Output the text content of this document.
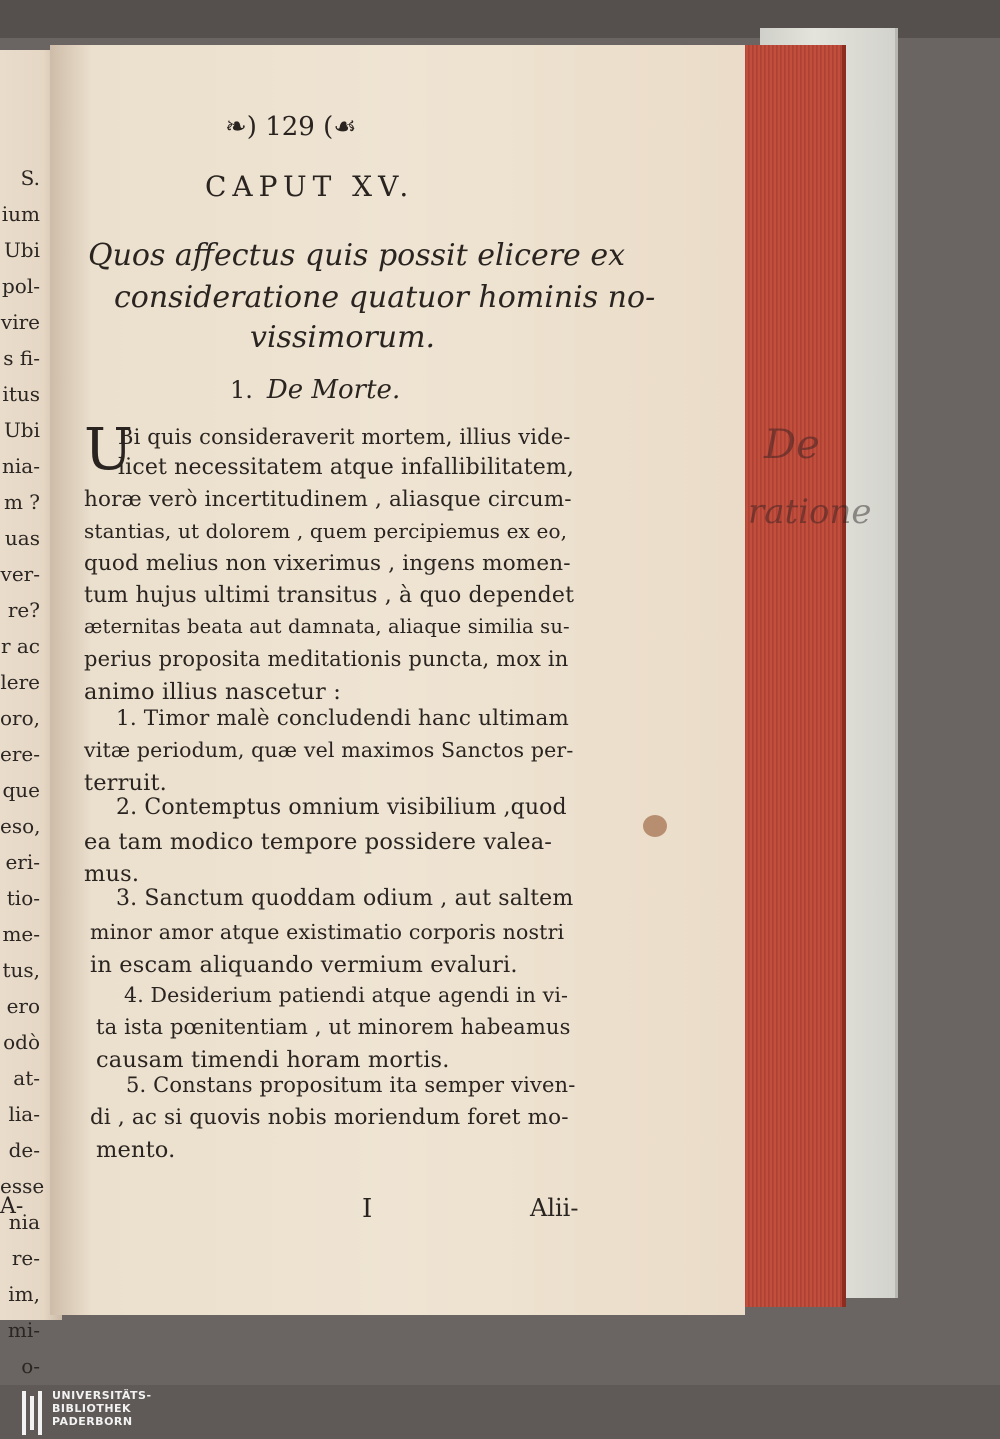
De
ratione
S.
ium
Ubi
pol-
vire
s fi-
itus
Ubi
nia-
m ?
uas
ver-
re?
r ac
lere
oro,
ere-
que
eso,
eri-
tio-
me-
tus,
ero
odò
at-
lia-
de-
esse
nia
re-
im,
mi-
o-
A-
❧) 129 (☙
CAPUT XV.
Quos affectus quis possit elicere ex
consideratione quatuor hominis no-
vissimorum.
1. De Morte.
U
Bi quis consideraverit mortem, illius vide-
licet necessitatem atque infallibilitatem,
horæ verò incertitudinem , aliasque circum-
stantias, ut dolorem , quem percipiemus ex eo,
quod melius non vixerimus , ingens momen-
tum hujus ultimi transitus , à quo dependet
æternitas beata aut damnata, aliaque similia su-
perius proposita meditationis puncta, mox in
animo illius nascetur :
1. Timor malè concludendi hanc ultimam
vitæ periodum, quæ vel maximos Sanctos per-
terruit.
2. Contemptus omnium visibilium ,quod
ea tam modico tempore possidere valea-
mus.
3. Sanctum quoddam odium , aut saltem
minor amor atque existimatio corporis nostri
in escam aliquando vermium evaluri.
4. Desiderium patiendi atque agendi in vi-
ta ista pœnitentiam , ut minorem habeamus
causam timendi horam mortis.
5. Constans propositum ita semper viven-
di , ac si quovis nobis moriendum foret mo-
mento.
I	Alii-
UNIVERSITÄTS-
BIBLIOTHEK
PADERBORN
